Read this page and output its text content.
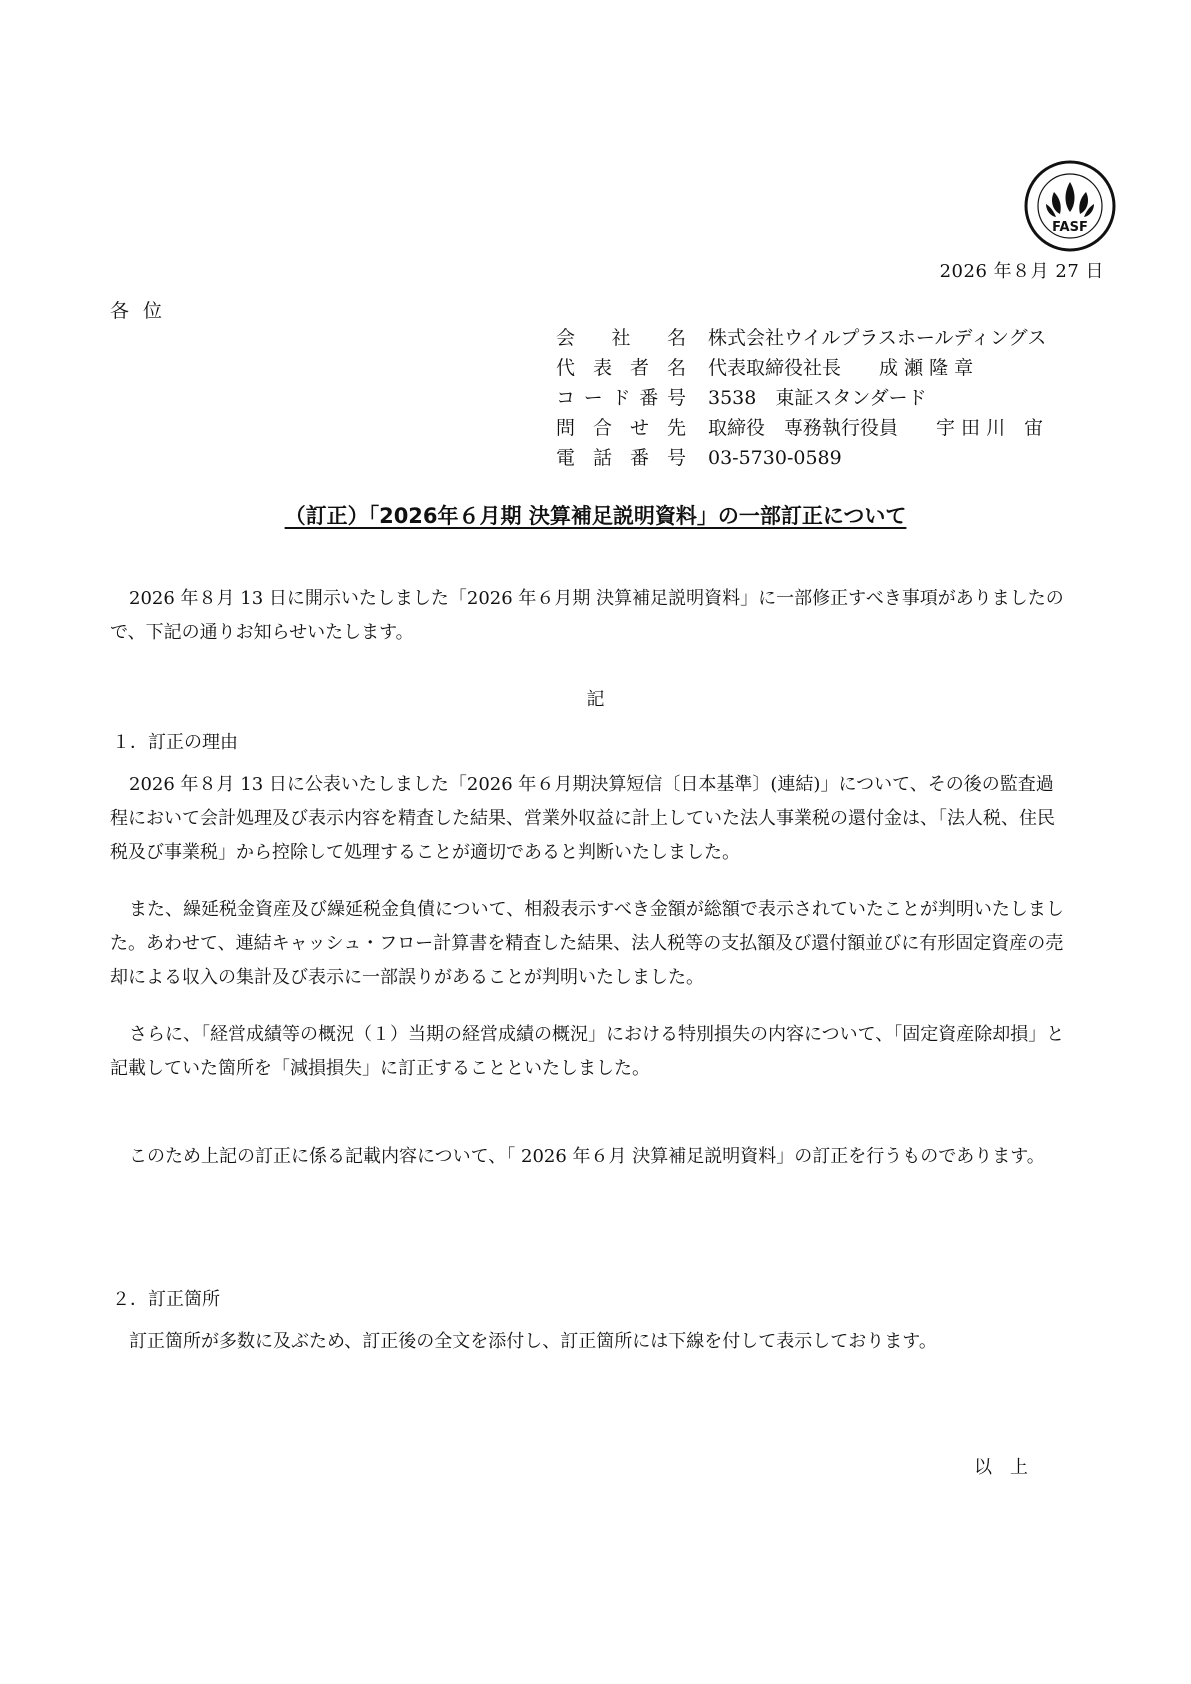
FASF
2026 年８月 27 日
各位
会社名 株式会社ウイルプラスホールディングス
代表者名 代表取締役社長　　成 瀬 隆 章
コード番号 3538　東証スタンダード
問合せ先 取締役　専務執行役員　　宇 田 川　宙
電話番号 03-5730-0589
（訂正）「2026年６月期 決算補足説明資料」の一部訂正について

2026 年８月 13 日に開示いたしました「2026 年６月期 決算補足説明資料」に一部修正すべき事項がありましたので、下記の通りお知らせいたします。

記
１．訂正の理由

2026 年８月 13 日に公表いたしました「2026 年６月期決算短信〔日本基準〕(連結)」について、その後の監査過程において会計処理及び表示内容を精査した結果、営業外収益に計上していた法人事業税の還付金は、「法人税、住民税及び事業税」から控除して処理することが適切であると判断いたしました。

また、繰延税金資産及び繰延税金負債について、相殺表示すべき金額が総額で表示されていたことが判明いたしました。あわせて、連結キャッシュ・フロー計算書を精査した結果、法人税等の支払額及び還付額並びに有形固定資産の売却による収入の集計及び表示に一部誤りがあることが判明いたしました。

さらに、「経営成績等の概況（１）当期の経営成績の概況」における特別損失の内容について、「固定資産除却損」と記載していた箇所を「減損損失」に訂正することといたしました。

このため上記の訂正に係る記載内容について、「 2026 年６月 決算補足説明資料」の訂正を行うものであります。

２．訂正箇所

訂正箇所が多数に及ぶため、訂正後の全文を添付し、訂正箇所には下線を付して表示しております。

以上
